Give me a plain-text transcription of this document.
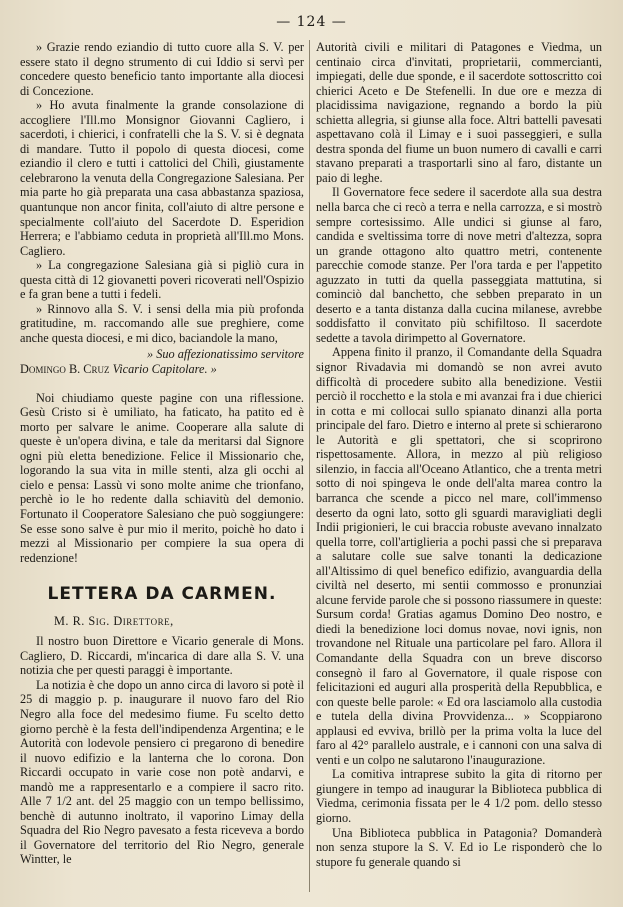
— 124 —

» Grazie rendo eziandio di tutto cuore alla S. V. per essere stato il degno strumento di cui Iddio si servì per concedere questo beneficio tanto importante alla diocesi di Concezione.

» Ho avuta finalmente la grande consolazione di accogliere l'Ill.mo Monsignor Giovanni Cagliero, i sacerdoti, i chierici, i confratelli che la S. V. si è degnata di mandare. Tutto il popolo di questa diocesi, come eziandio il clero e tutti i cattolici del Chilì, giustamente celebrarono la venuta della Congregazione Salesiana. Per mia parte ho già preparata una casa abbastanza spaziosa, quantunque non ancor finita, coll'aiuto di altre persone e specialmente coll'aiuto del Sacerdote D. Esperidion Herrera; e l'abbiamo ceduta in proprietà all'Ill.mo Mons. Cagliero.

» La congregazione Salesiana già si pigliò cura in questa città di 12 giovanetti poveri ricoverati nell'Ospizio e fa gran bene a tutti i fedeli.

» Rinnovo alla S. V. i sensi della mia più profonda gratitudine, m. raccomando alle sue preghiere, come anche questa diocesi, e mi dico, baciandole la mano,

» Suo affezionatissimo servitore

Domingo B. Cruz Vicario Capitolare. »

Noi chiudiamo queste pagine con una riflessione. Gesù Cristo si è umiliato, ha faticato, ha patito ed è morto per salvare le anime. Cooperare alla salute di queste è un'opera divina, e tale da meritarsi dal Signore ogni più eletta benedizione. Felice il Missionario che, logorando la sua vita in mille stenti, alza gli occhi al cielo e pensa: Lassù vi sono molte anime che trionfano, perchè io le ho redente dalla schiavitù del demonio. Fortunato il Cooperatore Salesiano che può soggiungere: Se esse sono salve è pur mio il merito, poichè ho dato i mezzi al Missionario per compiere la sua opera di redenzione!

LETTERA DA CARMEN.

M. R. Sig. Direttore,

Il nostro buon Direttore e Vicario generale di Mons. Cagliero, D. Riccardi, m'incarica di dare alla S. V. una notizia che per questi paraggi è importante.

La notizia è che dopo un anno circa di lavoro si potè il 25 di maggio p. p. inaugurare il nuovo faro del Rio Negro alla foce del medesimo fiume. Fu scelto detto giorno perchè è la festa dell'indipendenza Argentina; e le Autorità con lodevole pensiero ci pregarono di benedire il nuovo edifizio e la lanterna che lo corona. Don Riccardi occupato in varie cose non potè andarvi, e mandò me a rappresentarlo e a compiere il sacro rito. Alle 7 1/2 ant. del 25 maggio con un tempo bellissimo, benchè di autunno inoltrato, il vaporino Limay della Squadra del Rio Negro pavesato a festa riceveva a bordo il Governatore del territorio del Rio Negro, generale Wintter, le

Autorità civili e militari di Patagones e Viedma, un centinaio circa d'invitati, proprietarii, commercianti, impiegati, delle due sponde, e il sacerdote sottoscritto coi chierici Aceto e De Stefenelli. In due ore e mezza di placidissima navigazione, regnando a bordo la più schietta allegria, si giunse alla foce. Altri battelli pavesati aspettavano colà il Limay e i suoi passeggieri, e sulla destra sponda del fiume un buon numero di cavalli e carri stavano preparati a trasportarli sino al faro, distante un paio di leghe.

Il Governatore fece sedere il sacerdote alla sua destra nella barca che ci recò a terra e nella carrozza, e si mostrò sempre cortesissimo. Alle undici si giunse al faro, candida e sveltissima torre di nove metri d'altezza, sopra un grande ottagono alto quattro metri, contenente parecchie comode stanze. Per l'ora tarda e per l'appetito aguzzato in tutti da quella passeggiata mattutina, si cominciò dal banchetto, che sebben preparato in un deserto e a tanta distanza dalla cucina milanese, avrebbe soddisfatto il convitato più schifiltoso. Il sacerdote sedette a tavola dirimpetto al Governatore.

Appena finito il pranzo, il Comandante della Squadra signor Rivadavia mi domandò se non avrei avuto difficoltà di procedere subito alla benedizione. Vestii perciò il rocchetto e la stola e mi avanzai fra i due chierici in cotta e mi collocai sullo spianato dinanzi alla porta principale del faro. Dietro e interno al prete si schierarono le Autorità e gli spettatori, che si scoprirono rispettosamente. Allora, in mezzo al più religioso silenzio, in faccia all'Oceano Atlantico, che a trenta metri sotto di noi spingeva le onde dell'alta marea contro la barranca che scende a picco nel mare, coll'immenso deserto da ogni lato, sotto gli sguardi maravigliati degli Indii prigionieri, le cui braccia robuste avevano innalzato quella torre, coll'artiglieria a pochi passi che si preparava a salutare colle sue salve tonanti la dedicazione all'Altissimo di quel benefico edifizio, avanguardia della civiltà nel deserto, mi sentii commosso e pronunziai alcune fervide parole che si possono riassumere in queste: Sursum corda! Gratias agamus Domino Deo nostro, e diedi la benedizione loci domus novae, novi ignis, non trovandone nel Rituale una particolare pel faro. Allora il Comandante della Squadra con un breve discorso consegnò il faro al Governatore, il quale rispose con felicitazioni ed auguri alla prosperità della Repubblica, e con queste belle parole: « Ed ora lasciamolo alla custodia e tutela della divina Provvidenza... » Scoppiarono applausi ed evviva, brillò per la prima volta la luce del faro al 42° parallelo australe, e i cannoni con una salva di venti e un colpo ne salutarono l'inaugurazione.

La comitiva intraprese subito la gita di ritorno per giungere in tempo ad inaugurar la Biblioteca pubblica di Viedma, cerimonia fissata per le 4 1/2 pom. dello stesso giorno.

Una Biblioteca pubblica in Patagonia? Domanderà non senza stupore la S. V. Ed io Le risponderò che lo stupore fu generale quando si
